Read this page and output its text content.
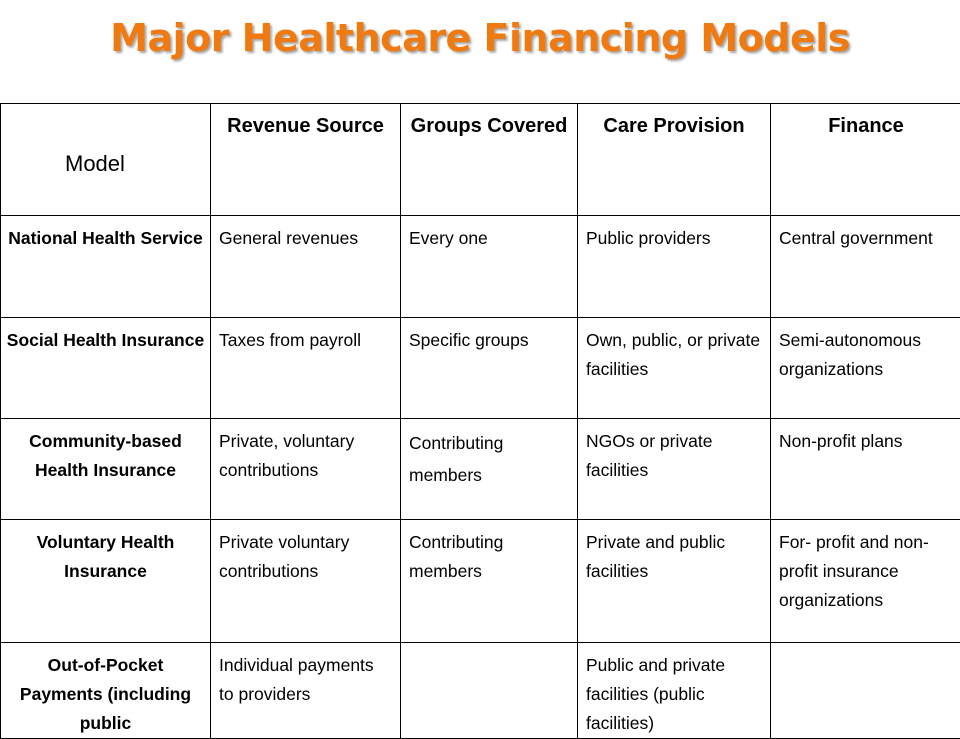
Major Healthcare Financing Models
Model	Revenue Source	Groups Covered	Care Provision	Finance
National Health Service	General revenues	Every one	Public providers	Central government
Social Health Insurance	Taxes from payroll	Specific groups	Own, public, or private facilities	Semi-autonomous organizations
Community-based Health Insurance	Private, voluntary contributions	Contributing members	NGOs or private facilities	Non-profit plans
Voluntary Health Insurance	Private voluntary contributions	Contributing members	Private and public facilities	For- profit and non-profit insurance organizations
Out-of-Pocket Payments (including public	Individual payments to providers		Public and private facilities (public facilities)	
